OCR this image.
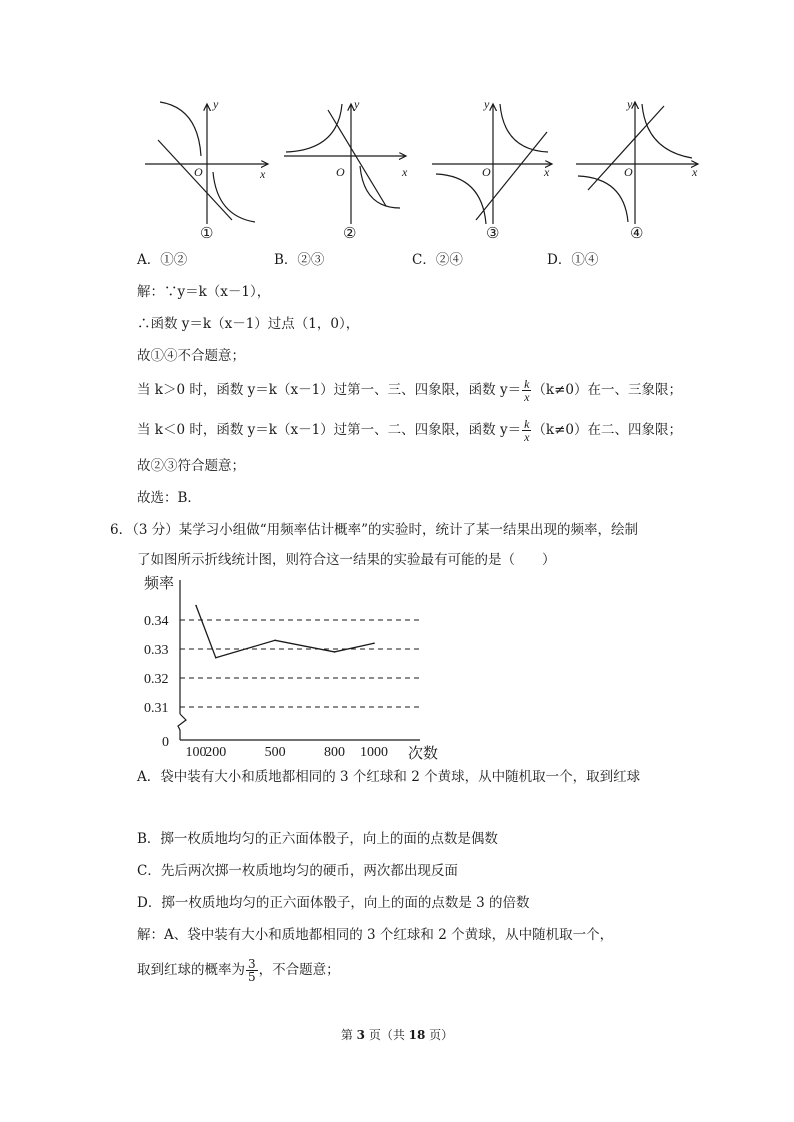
y
x
O
y
x
O
y
x
O
y
x
O
①	②	③	④
A．①②	B．②③	C．②④	D．①④
解：∵y＝k（x－1），
∴函数 y＝k（x－1）过点（1，0），
故①④不合题意；
当 k＞0 时，函数 y＝k（x－1）过第一、三、四象限，函数 $y= \frac{k}{x} (k\ne 0)$在一、三象限；
当 k＜0 时，函数 y＝k（x－1）过第一、二、四象限，函数 $y= \frac{k}{x} (k\ne 0)$在二、四象限；
故②③符合题意；
故选：B．
6．（3 分）某学习小组做“用频率估计概率”的实验时，统计了某一结果出现的频率，绘制
了如图所示折线统计图，则符合这一结果的实验最有可能的是（　　）
频率
0
0.34
0.33
0.32
0.31
100
200	500	800 1000 次数
A．袋中装有大小和质地都相同的 3 个红球和 2 个黄球，从中随机取一个，取到红球
B．掷一枚质地均匀的正六面体骰子，向上的面的点数是偶数
C．先后两次掷一枚质地均匀的硬币，两次都出现反面
D．掷一枚质地均匀的正六面体骰子，向上的面的点数是 3 的倍数
解：A、袋中装有大小和质地都相同的 3 个红球和 2 个黄球，从中随机取一个，
取到红球的概率为 $\frac{3}{5}$ ，不合题意；
第 3 页（共 18 页）
